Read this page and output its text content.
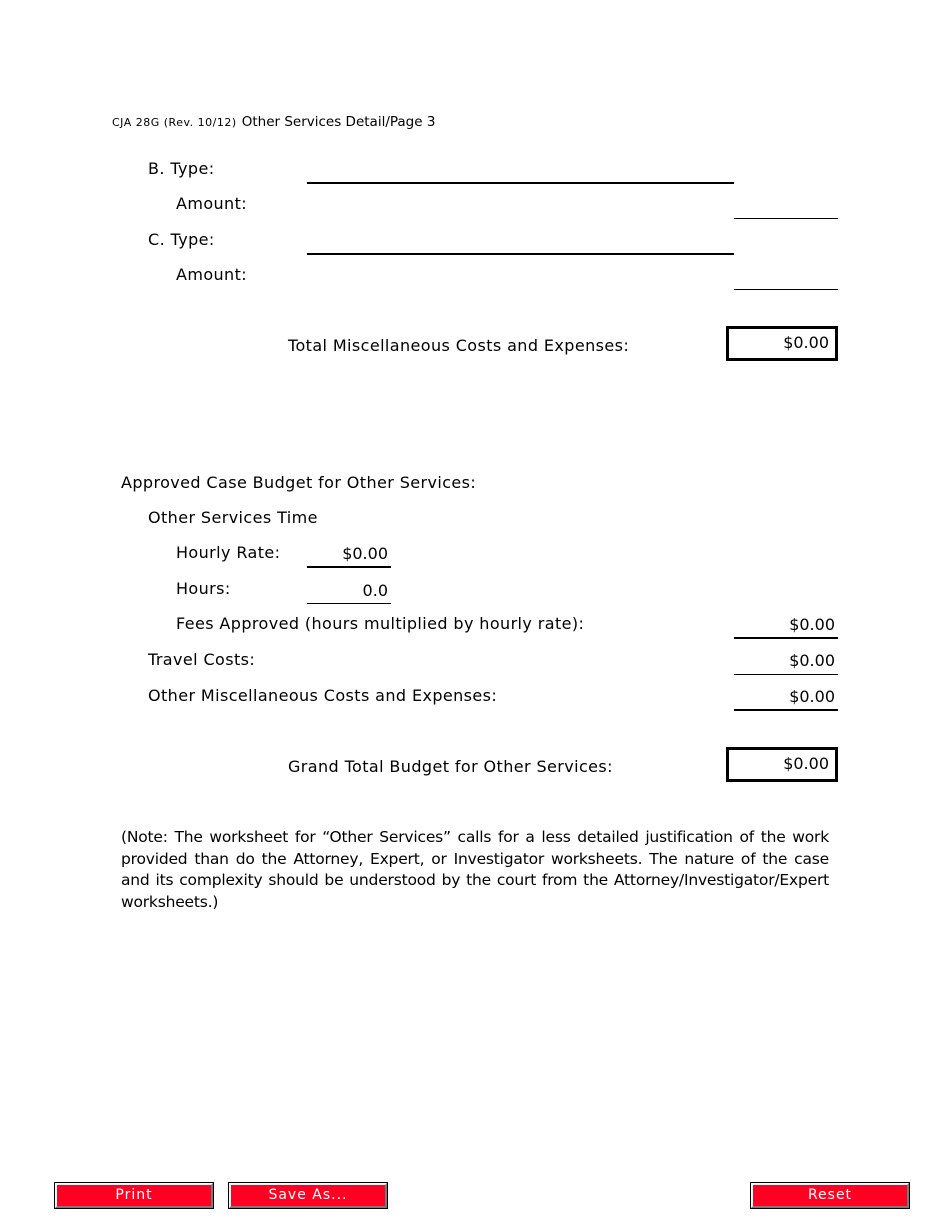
CJA 28G (Rev. 10/12) Other Services Detail/Page 3
B. Type:
Amount:
C. Type:
Amount:
Total Miscellaneous Costs and Expenses:	$0.00
Approved Case Budget for Other Services:
Other Services Time
Hourly Rate:
$0.00
Hours:
0.0
Fees Approved (hours multiplied by hourly rate):
$0.00
Travel Costs:
$0.00
Other Miscellaneous Costs and Expenses:
$0.00
Grand Total Budget for Other Services:	$0.00
(Note: The worksheet for “Other Services” calls for a less detailed justification of the work provided than do the Attorney, Expert, or Investigator worksheets. The nature of the case and its complexity should be understood by the court from the Attorney/Investigator/Expert worksheets.)
Print	Save As...	Reset
